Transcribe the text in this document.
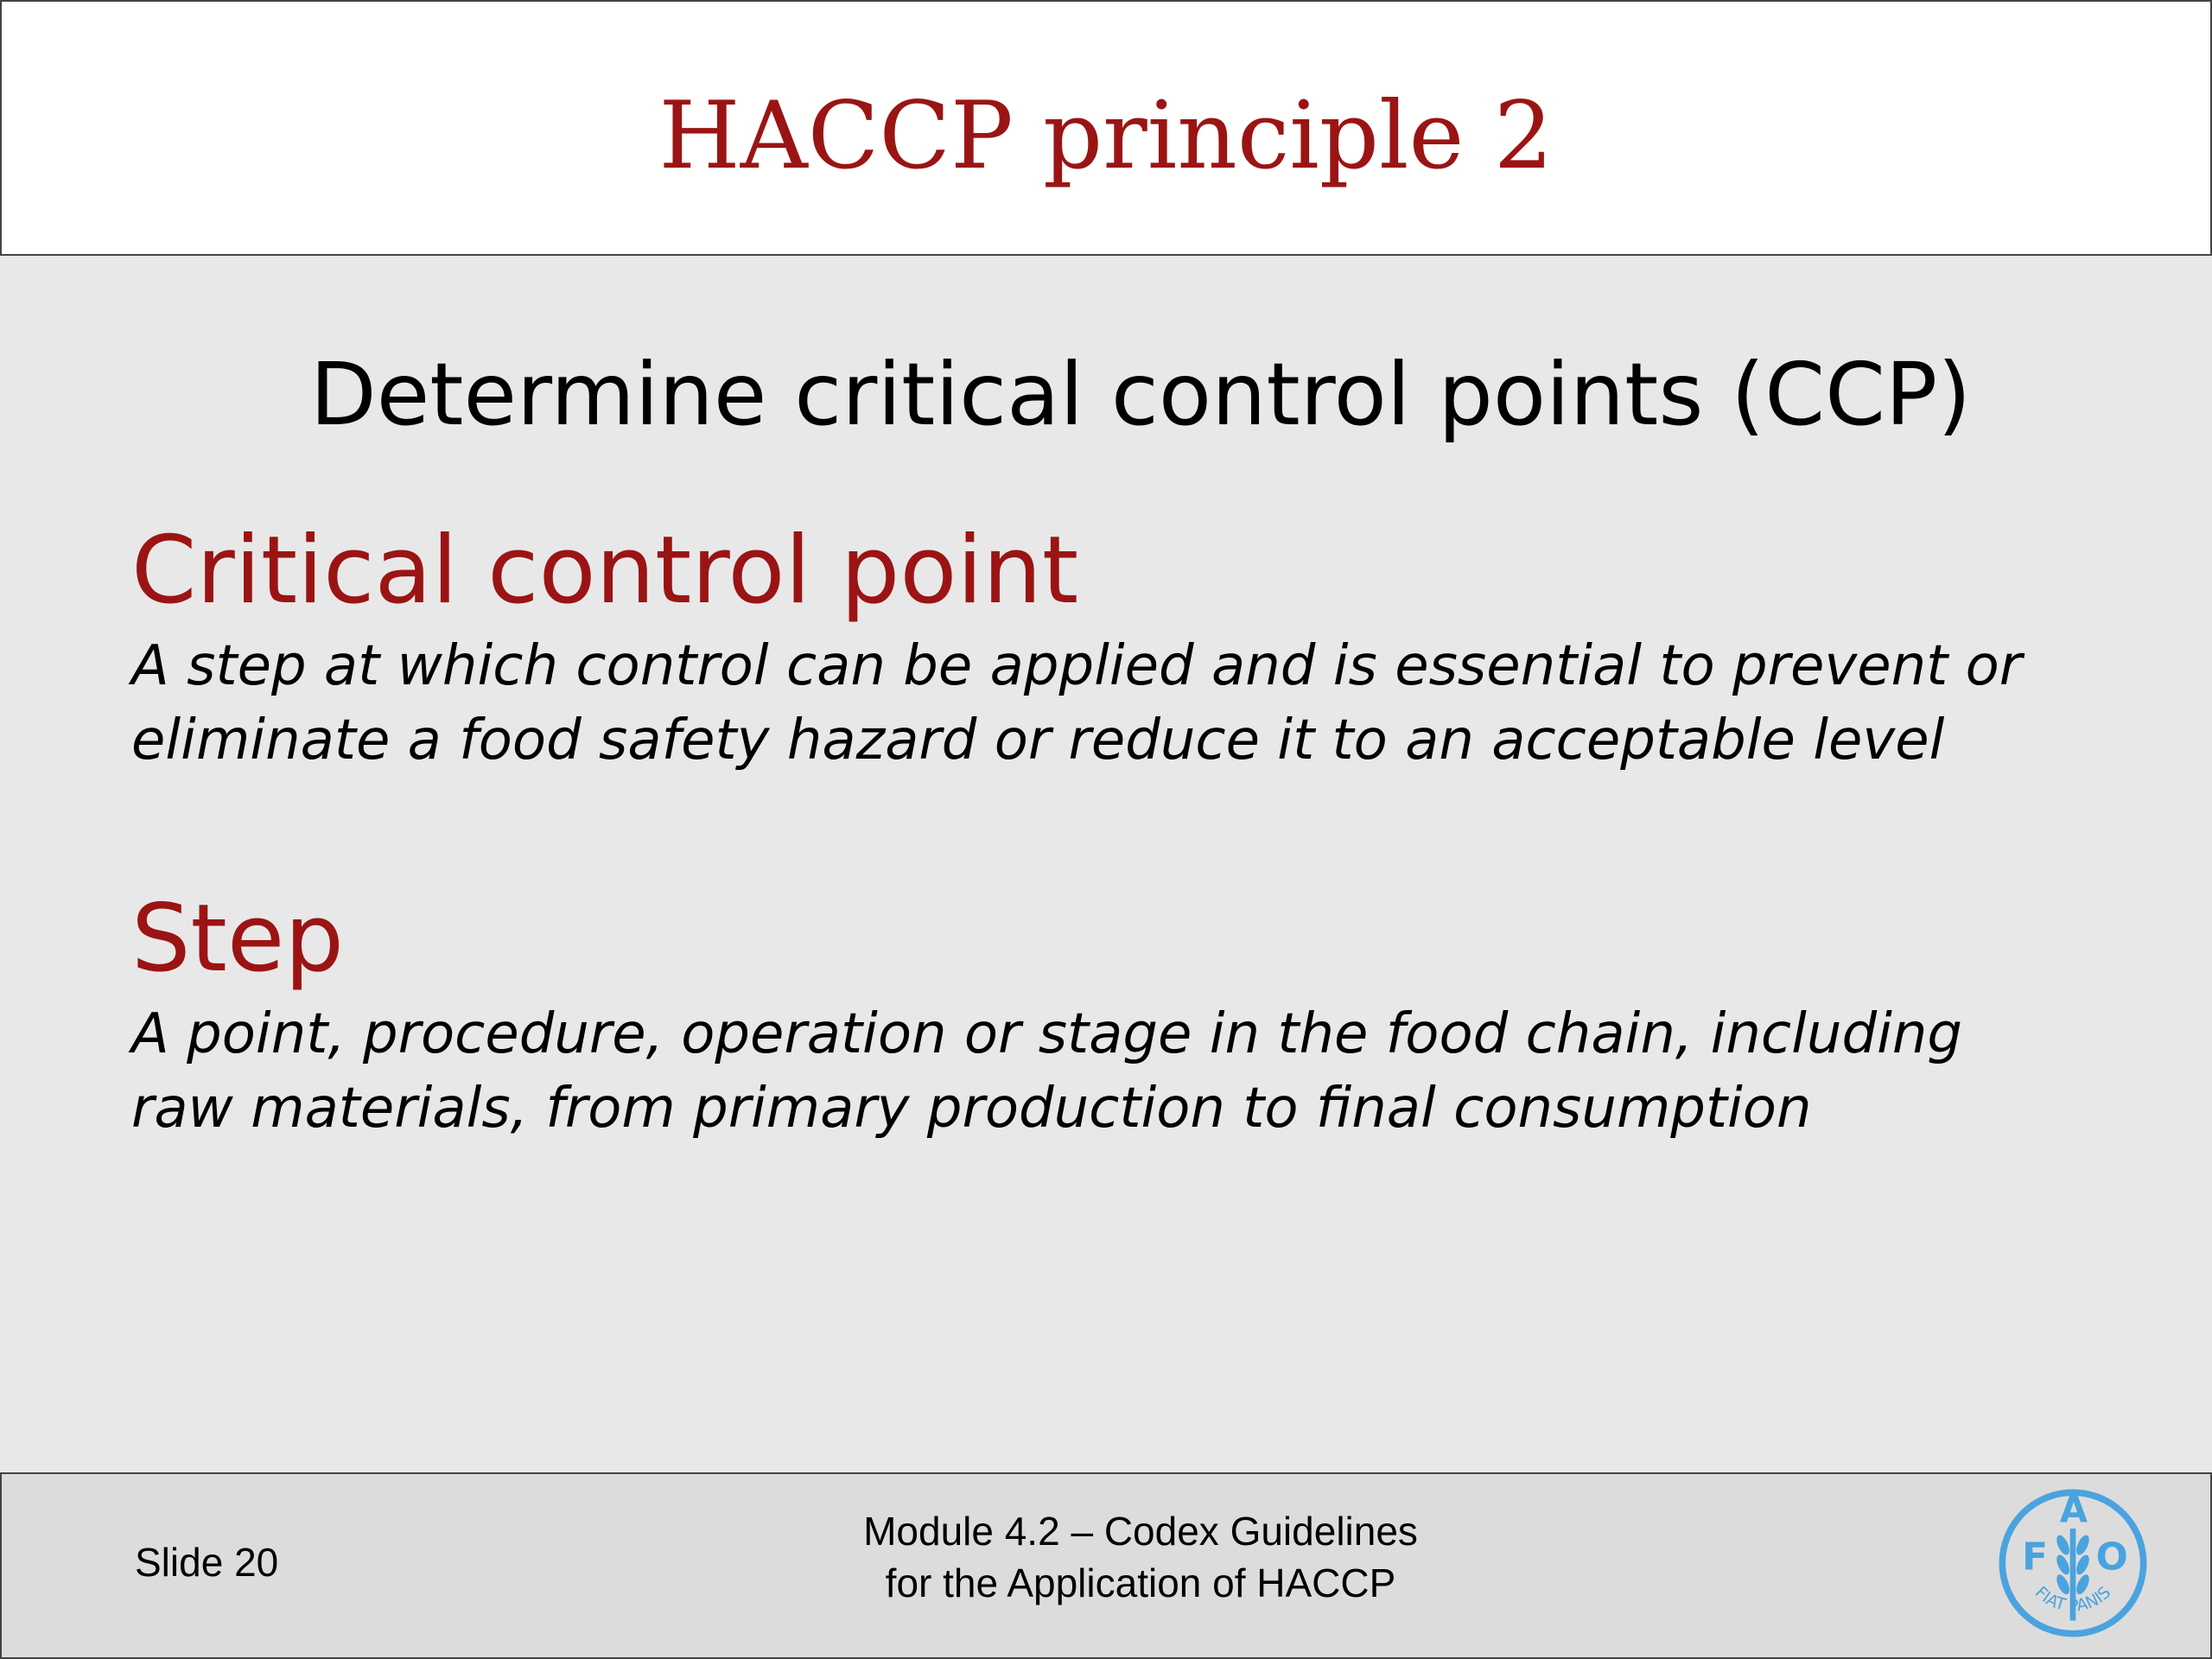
HACCP principle 2
Determine critical control points (CCP)
Critical control point
A step at which control can be applied and is essential to prevent or
eliminate a food safety hazard or reduce it to an acceptable level
Step
A point, procedure, operation or stage in the food chain, including
raw materials, from primary production to final consumption
Slide 20
Module 4.2 – Codex Guidelines
for the Application of HACCP
F
A
O
FIAT PANIS
